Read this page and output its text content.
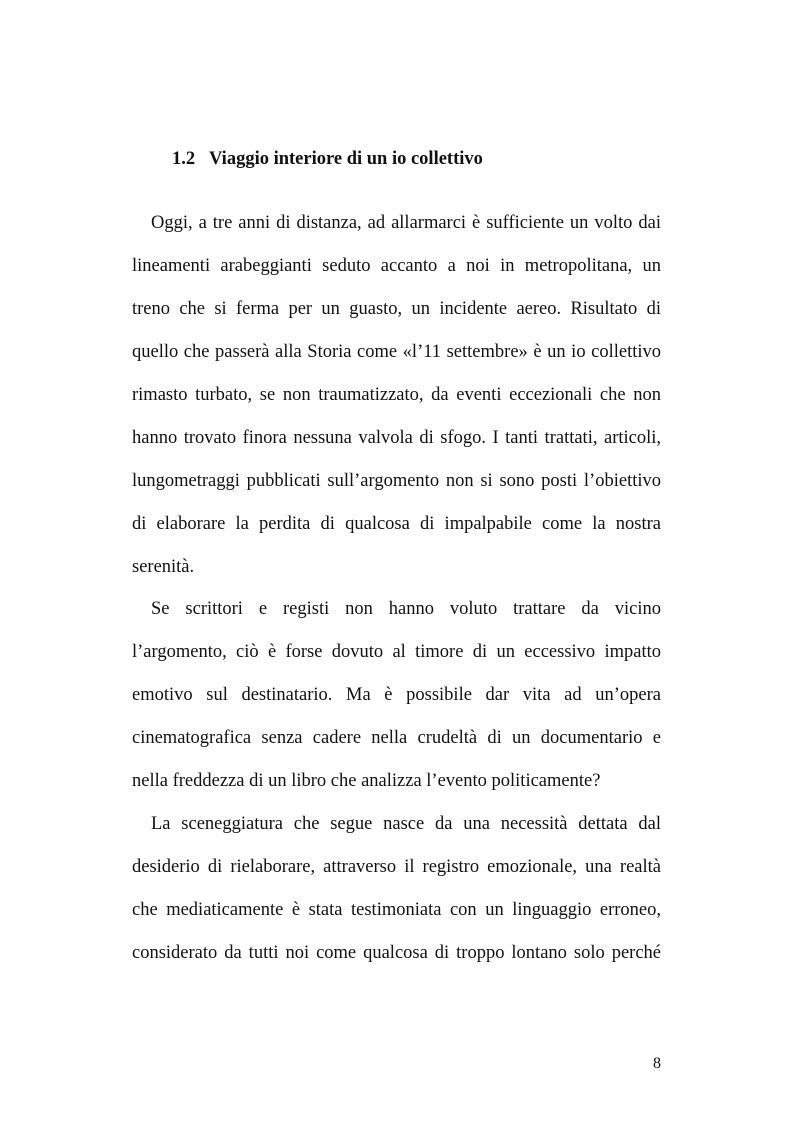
1.2 Viaggio interiore di un io collettivo
Oggi, a tre anni di distanza, ad allarmarci è sufficiente un volto dai
lineamenti arabeggianti seduto accanto a noi in metropolitana, un
treno che si ferma per un guasto, un incidente aereo. Risultato di
quello che passerà alla Storia come «l’11 settembre» è un io collettivo
rimasto turbato, se non traumatizzato, da eventi eccezionali che non
hanno trovato finora nessuna valvola di sfogo. I tanti trattati, articoli,
lungometraggi pubblicati sull’argomento non si sono posti l’obiettivo
di elaborare la perdita di qualcosa di impalpabile come la nostra
serenità.
Se scrittori e registi non hanno voluto trattare da vicino
l’argomento, ciò è forse dovuto al timore di un eccessivo impatto
emotivo sul destinatario. Ma è possibile dar vita ad un’opera
cinematografica senza cadere nella crudeltà di un documentario e
nella freddezza di un libro che analizza l’evento politicamente?
La sceneggiatura che segue nasce da una necessità dettata dal
desiderio di rielaborare, attraverso il registro emozionale, una realtà
che mediaticamente è stata testimoniata con un linguaggio erroneo,
considerato da tutti noi come qualcosa di troppo lontano solo perché
8
